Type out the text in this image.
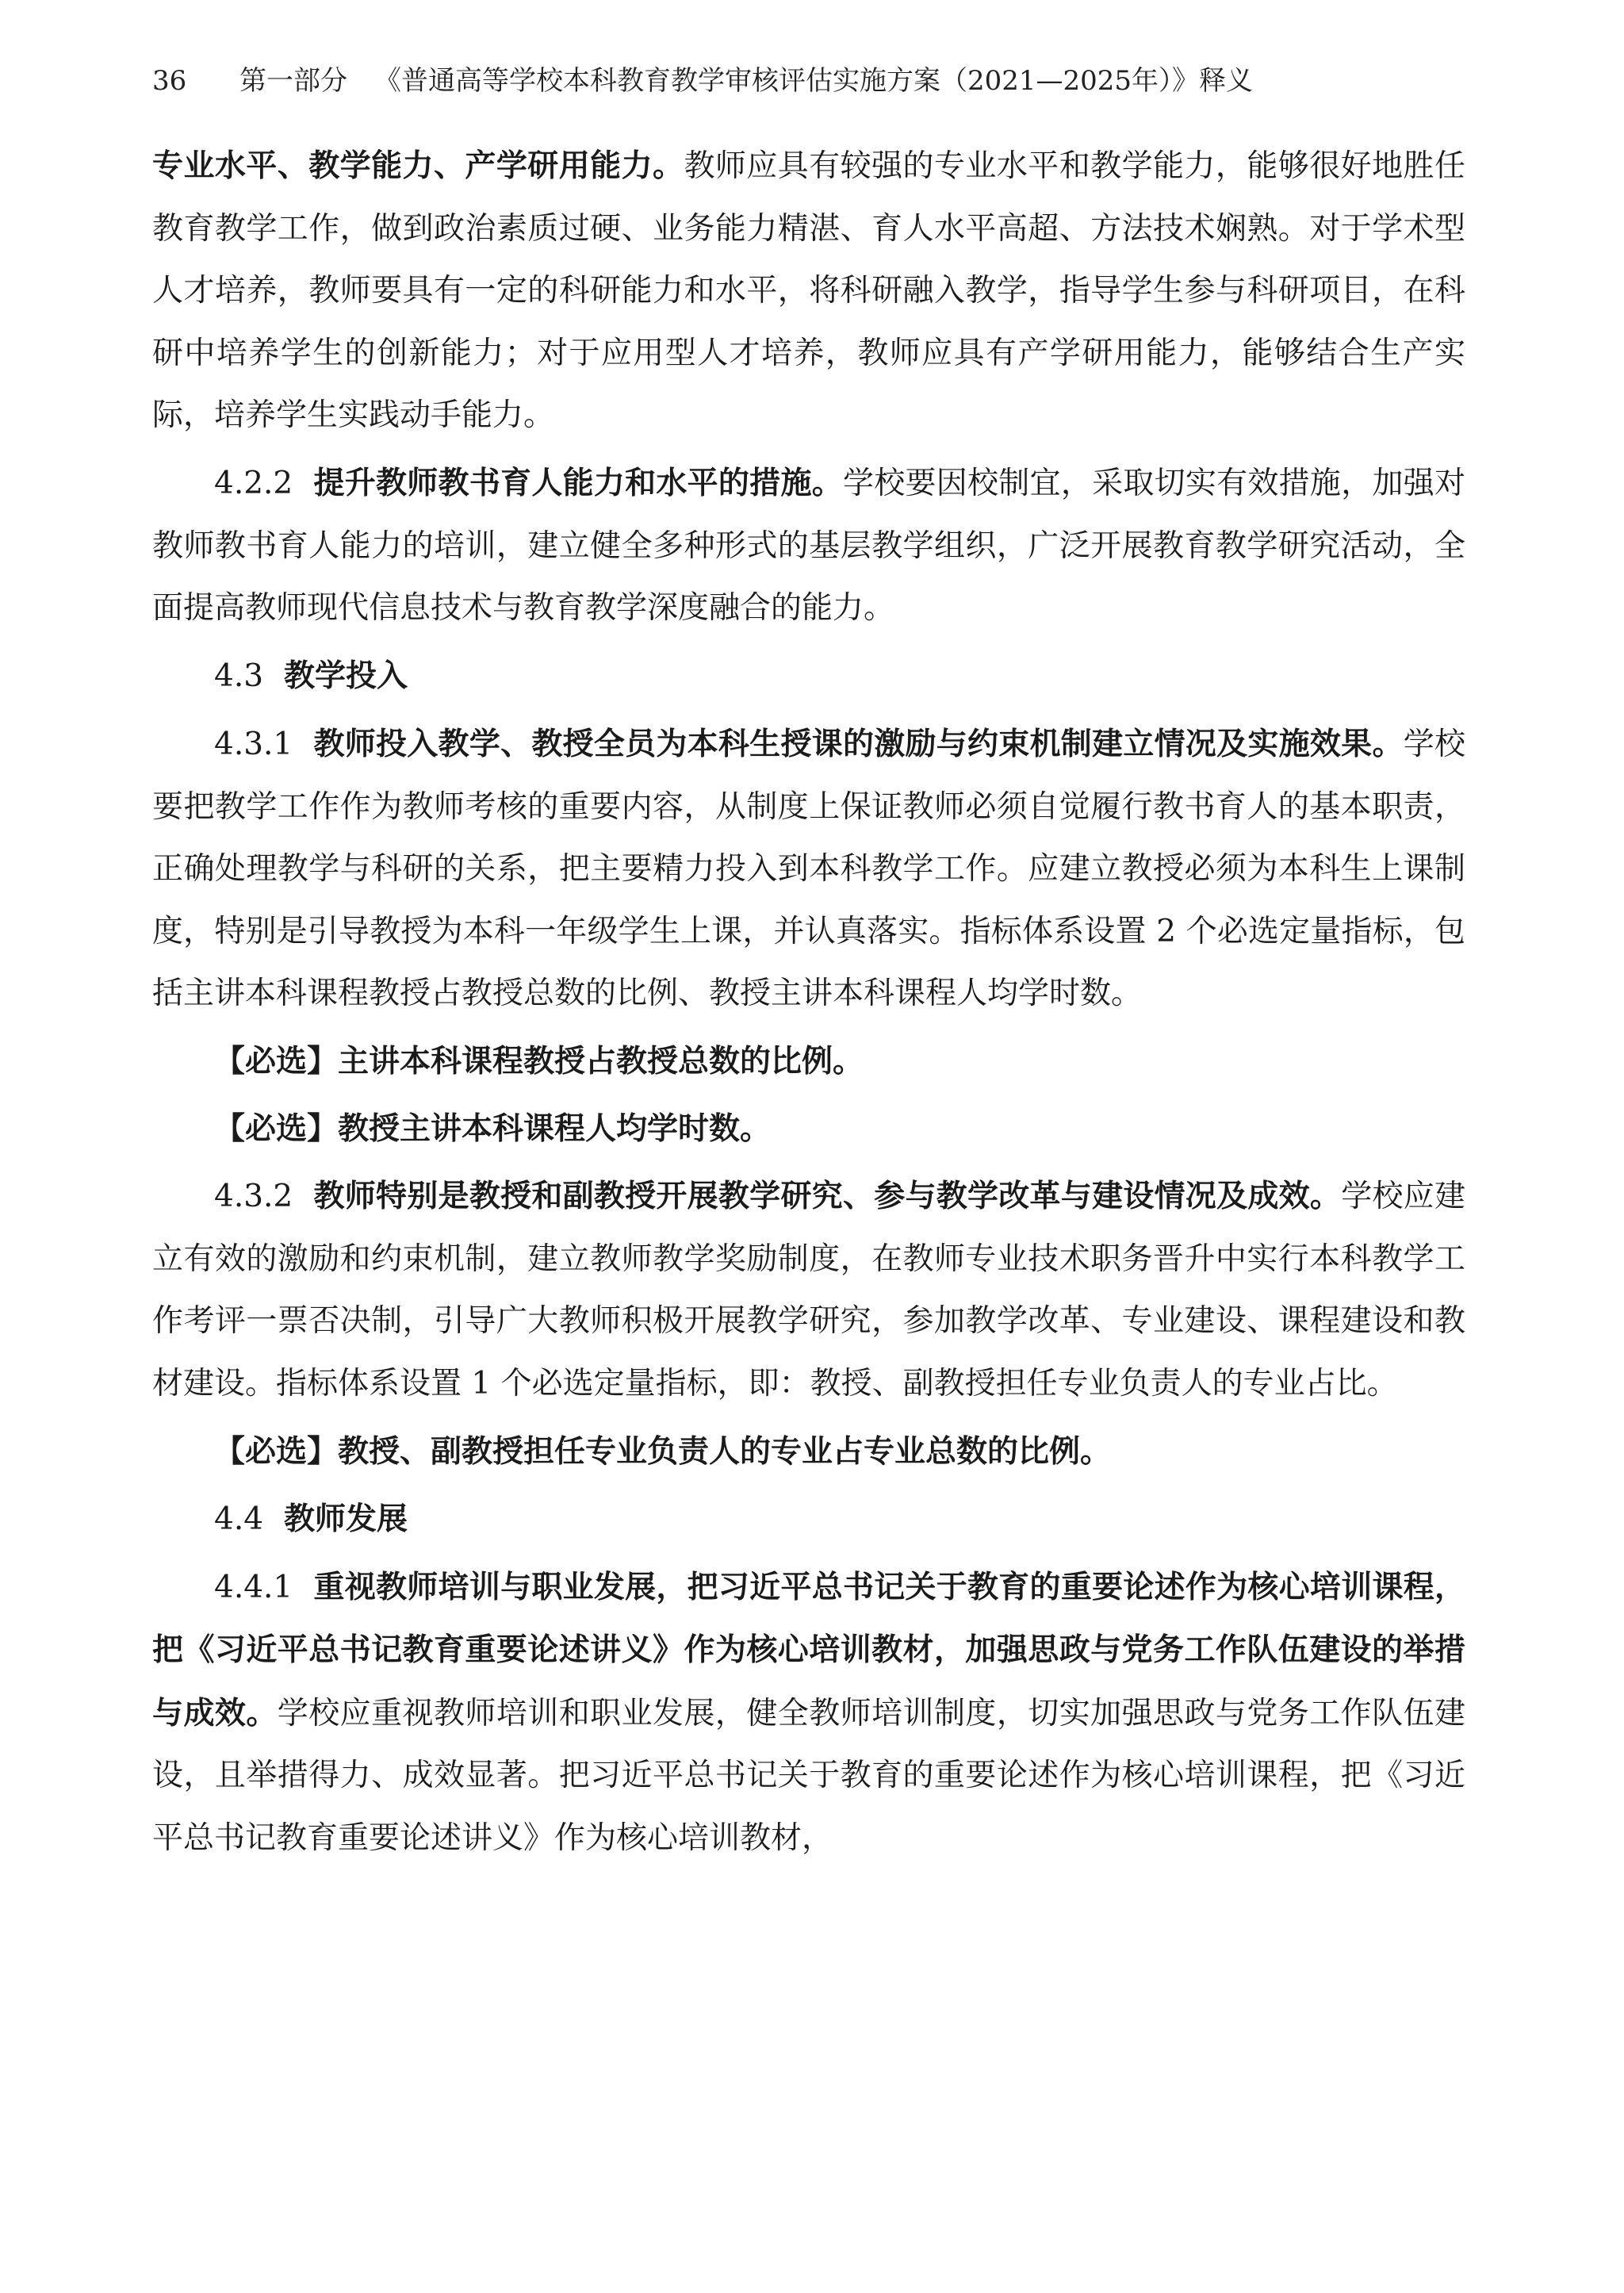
36 第一部分 《普通高等学校本科教育教学审核评估实施方案（2021—2025年）》释义

专业水平、教学能力、产学研用能力。教师应具有较强的专业水平和教学能力，能够很好地胜任教育教学工作，做到政治素质过硬、业务能力精湛、育人水平高超、方法技术娴熟。对于学术型人才培养，教师要具有一定的科研能力和水平，将科研融入教学，指导学生参与科研项目，在科研中培养学生的创新能力；对于应用型人才培养，教师应具有产学研用能力，能够结合生产实际，培养学生实践动手能力。

4.2.2 提升教师教书育人能力和水平的措施。学校要因校制宜，采取切实有效措施，加强对教师教书育人能力的培训，建立健全多种形式的基层教学组织，广泛开展教育教学研究活动，全面提高教师现代信息技术与教育教学深度融合的能力。

4.3 教学投入

4.3.1 教师投入教学、教授全员为本科生授课的激励与约束机制建立情况及实施效果。学校要把教学工作作为教师考核的重要内容，从制度上保证教师必须自觉履行教书育人的基本职责，正确处理教学与科研的关系，把主要精力投入到本科教学工作。应建立教授必须为本科生上课制度，特别是引导教授为本科一年级学生上课，并认真落实。指标体系设置 2 个必选定量指标，包括主讲本科课程教授占教授总数的比例、教授主讲本科课程人均学时数。

【必选】主讲本科课程教授占教授总数的比例。

【必选】教授主讲本科课程人均学时数。

4.3.2 教师特别是教授和副教授开展教学研究、参与教学改革与建设情况及成效。学校应建立有效的激励和约束机制，建立教师教学奖励制度，在教师专业技术职务晋升中实行本科教学工作考评一票否决制，引导广大教师积极开展教学研究，参加教学改革、专业建设、课程建设和教材建设。指标体系设置 1 个必选定量指标，即：教授、副教授担任专业负责人的专业占比。

【必选】教授、副教授担任专业负责人的专业占专业总数的比例。

4.4 教师发展

4.4.1 重视教师培训与职业发展，把习近平总书记关于教育的重要论述作为核心培训课程，把《习近平总书记教育重要论述讲义》作为核心培训教材，加强思政与党务工作队伍建设的举措与成效。学校应重视教师培训和职业发展，健全教师培训制度，切实加强思政与党务工作队伍建设，且举措得力、成效显著。把习近平总书记关于教育的重要论述作为核心培训课程，把《习近平总书记教育重要论述讲义》作为核心培训教材，
